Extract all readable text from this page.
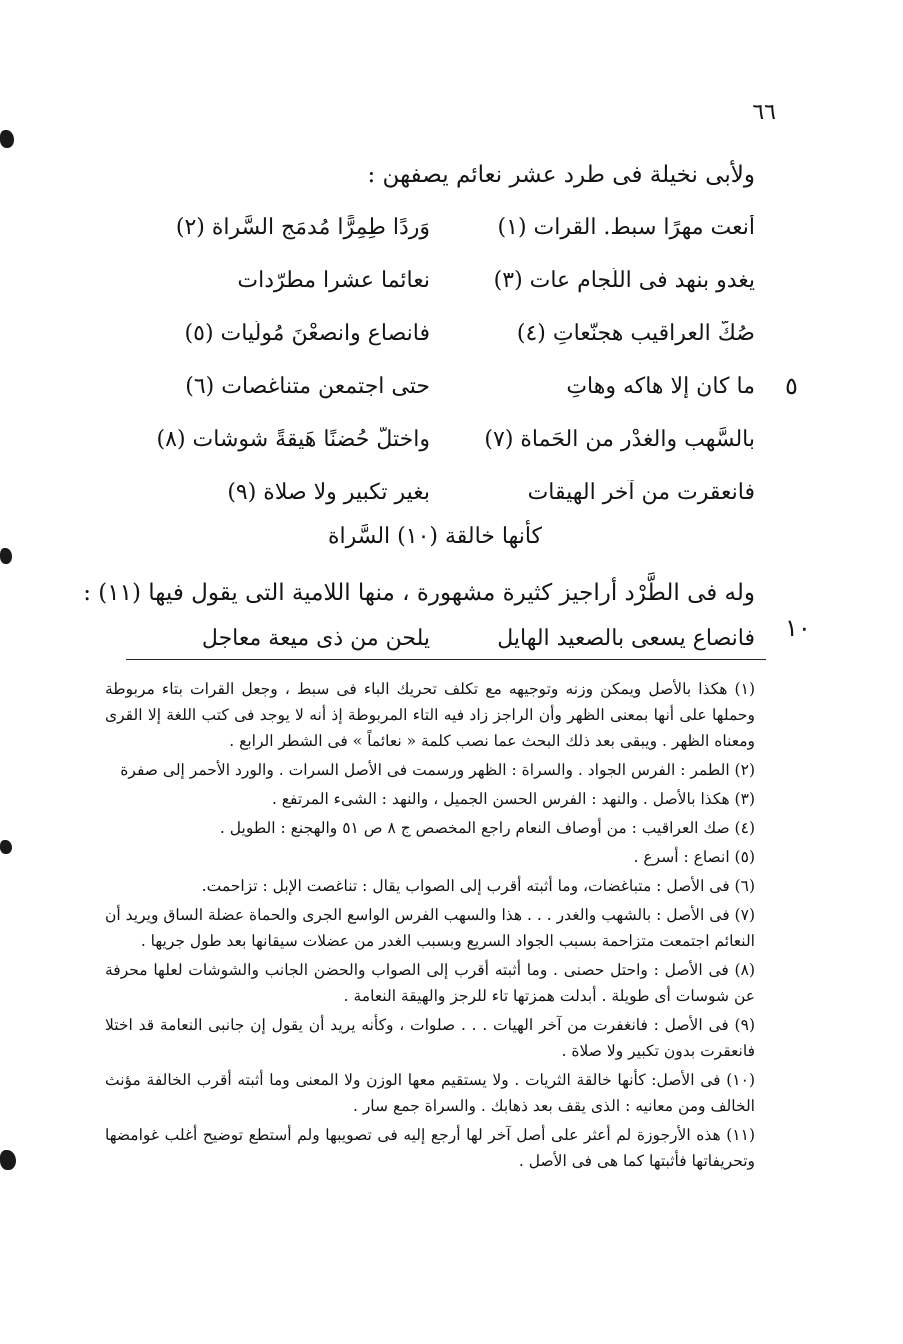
٦٦
ولأبى نخيلة فى طرد عشر نعائم يصفهن :
أنعت مهرًا سبط. القرات (١)
وَردًا طِمِرًّا مُدمَج السَّراة (٢)
يغدو بنهد فى اللّجام عات (٣)
نعائما عشرا مطرّدات
صُكٌّ العراقيب هجنّعاتِ (٤)
فانصاع وانصعْنَ مُولّيات (٥)
ما كان إلا هاكه وهاتِ
حتى اجتمعن متناغصات (٦)
بالسَّهب والغدْر من الحَماة (٧)
واختلَّ حُضنًا هَيقةً شوشات (٨)
فانعقرت من آخر الهيقات
بغير تكبير ولا صلاة (٩)
كأنها خالقة (١٠) السَّراة
وله فى الطَّرْد أراجيز كثيرة مشهورة ، منها اللامية التى يقول فيها (١١) :
فانصاع يسعى بالصعيد الهايل
يلحن من ذى ميعة معاجل
٥
١٠

(١) هكذا بالأصل ويمكن وزنه وتوجيهه مع تكلف تحريك الباء فى سبط ، وجعل القرات بتاء مربوطة وحملها على أنها بمعنى الظهر وأن الراجز زاد فيه التاء المربوطة إذ أنه لا يوجد فى كتب اللغة إلا القرى ومعناه الظهر . ويبقى بعد ذلك البحث عما نصب كلمة « نعائماً » فى الشطر الرابع .

(٢) الطمر : الفرس الجواد . والسراة : الظهر ورسمت فى الأصل السرات . والورد الأحمر إلى صفرة

(٣) هكذا بالأصل . والنهد : الفرس الحسن الجميل ، والنهد : الشىء المرتفع .

(٤) صك العراقيب : من أوصاف النعام راجع المخصص ج ٨ ص ٥١ والهجنع : الطويل .

(٥) انصاع : أسرع .

(٦) فى الأصل : متباغضات، وما أثبته أقرب إلى الصواب يقال : تناغصت الإبل : تزاحمت.

(٧) فى الأصل : بالشهب والغدر . . . هذا والسهب الفرس الواسع الجرى والحماة عضلة الساق ويريد أن النعائم اجتمعت متزاحمة بسبب الجواد السريع وبسبب الغدر من عضلات سيقانها بعد طول جريها .

(٨) فى الأصل : واحتل حصنى . وما أثبته أقرب إلى الصواب والحضن الجانب والشوشات لعلها محرفة عن شوسات أى طويلة . أبدلت همزتها تاء للرجز والهيقة النعامة .

(٩) فى الأصل : فانغفرت من آخر الهيات . . . صلوات ، وكأنه يريد أن يقول إن جانبى النعامة قد اختلا فانعقرت بدون تكبير ولا صلاة .

(١٠) فى الأصل: كأنها خالقة الثريات . ولا يستقيم معها الوزن ولا المعنى وما أثبته أقرب الخالفة مؤنث الخالف ومن معانيه : الذى يقف بعد ذهابك . والسراة جمع سار .

(١١) هذه الأرجوزة لم أعثر على أصل آخر لها أرجع إليه فى تصويبها ولم أستطع توضيح أغلب غوامضها وتحريفاتها فأثبتها كما هى فى الأصل .
